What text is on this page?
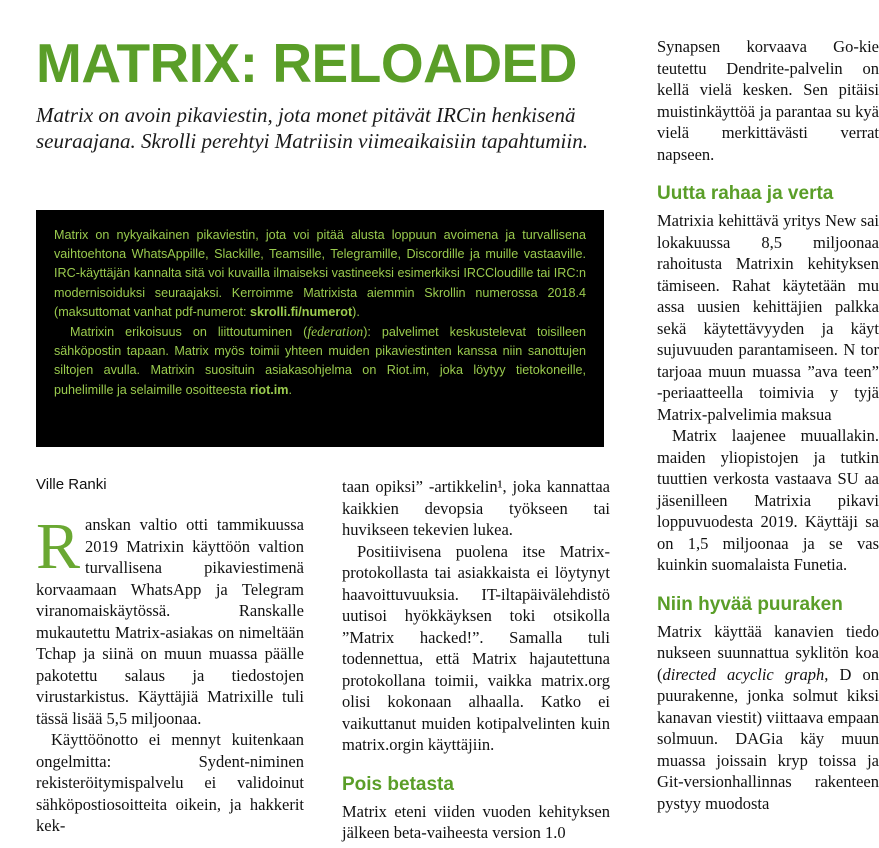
MATRIX: RELOADED
Matrix on avoin pikaviestin, jota monet pitävät IRCin henkisenä seuraajana. Skrolli perehtyi Matriisin viimeaikaisiin tapahtumiin.

Matrix on nykyaikainen pikaviestin, jota voi pitää alusta loppuun avoimena ja turvallisena vaihtoehtona WhatsAppille, Slackille, Teamsille, Telegramille, Discordille ja muille vastaaville. IRC-käyttäjän kannalta sitä voi kuvailla ilmaiseksi vastineeksi esimerkiksi IRCCloudille tai IRC:n modernisoiduksi seuraajaksi. Kerroimme Matrixista aiemmin Skrollin numerossa 2018.4 (maksuttomat vanhat pdf-numerot: skrolli.fi/numerot).

Matrixin erikoisuus on liittoutuminen (federation): palvelimet keskustelevat toisilleen sähköpostin tapaan. Matrix myös toimii yhteen muiden pikaviestinten kanssa niin sanottujen siltojen avulla. Matrixin suosituin asiakasohjelma on Riot.im, joka löytyy tietokoneille, puhelimille ja selaimille osoitteesta riot.im.

Ville Ranki

Ranskan valtio otti tammikuussa 2019 Matrixin käyttöön valtion turvallisena pikaviestimenä korvaamaan WhatsApp ja Telegram viranomaiskäytössä. Ranskalle mukautettu Matrix-asiakas on nimeltään Tchap ja siinä on muun muassa päälle pakotettu salaus ja tiedostojen virustarkistus. Käyttäjiä Matrixille tuli tässä lisää 5,5 miljoonaa.

Käyttöönotto ei mennyt kuitenkaan ongelmitta: Sydent-niminen rekisteröitymispalvelu ei validoinut sähköpostiosoitteita oikein, ja hakkerit kek-

taan opiksi” -artikkelin¹, joka kannattaa kaikkien devopsia työkseen tai huvikseen tekevien lukea.

Positiivisena puolena itse Matrix-protokollasta tai asiakkaista ei löytynyt haavoittuvuuksia. IT-iltapäivälehdistö uutisoi hyökkäyksen toki otsikolla ”Matrix hacked!”. Samalla tuli todennettua, että Matrix hajautettuna protokollana toimii, vaikka matrix.org olisi kokonaan alhaalla. Katko ei vaikuttanut muiden kotipalvelinten kuin matrix.orgin käyttäjiin.

Pois betasta

Matrix eteni viiden vuoden kehityksen jälkeen beta-vaiheesta version 1.0

Synapsen korvaava Go-kie teutettu Dendrite-palvelin on kellä vielä kesken. Sen pitäisi muistinkäyttöä ja parantaa su kyä vielä merkittävästi verrat napseen.

Uutta rahaa ja verta

Matrixia kehittävä yritys New sai lokakuussa 8,5 miljoonaa rahoitusta Matrixin kehityksen tämiseen. Rahat käytetään mu assa uusien kehittäjien palkka sekä käytettävyyden ja käyt sujuvuuden parantamiseen. N tor tarjoaa muun muassa ”ava teen” -periaatteella toimivia y tyjä Matrix-palvelimia maksua

Matrix laajenee muuallakin. maiden yliopistojen ja tutkin tuuttien verkosta vastaava SU aa jäsenilleen Matrixia pikavi loppuvuodesta 2019. Käyttäji sa on 1,5 miljoonaa ja se vas kuinkin suomalaista Funetia.

Niin hyvää puuraken

Matrix käyttää kanavien tiedo nukseen suunnattua syklitön koa (directed acyclic graph, D on puurakenne, jonka solmut kiksi kanavan viestit) viittaava empaan solmuun. DAGia käy muun muassa joissain kryp toissa ja Git-versionhallinnas rakenteen pystyy muodosta
